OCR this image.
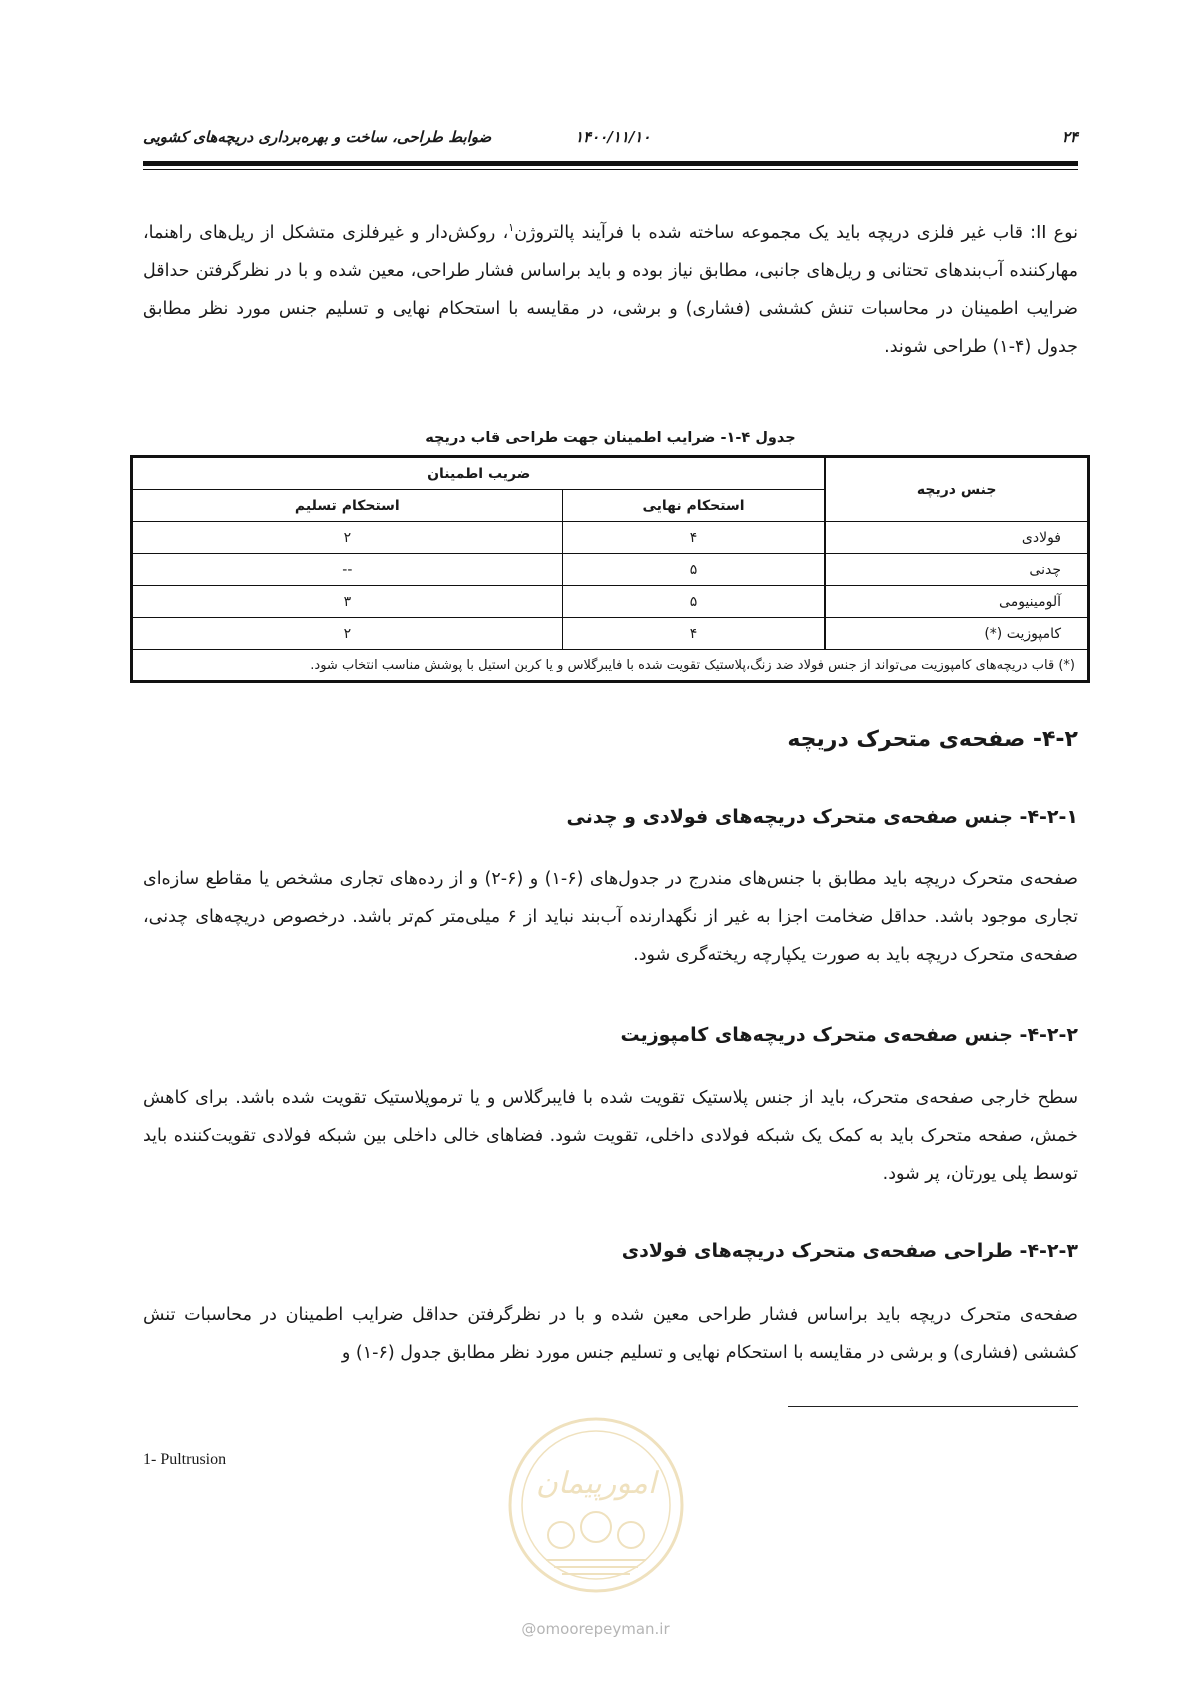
ضوابط طراحی، ساخت و بهره‌برداری دریچه‌های کشویی	۱۴۰۰/۱۱/۱۰	۲۴

نوع II: قاب غیر فلزی دریچه باید یک مجموعه ساخته شده با فرآیند پالتروژن$^۱$، روکش‌دار و غیرفلزی متشکل از ریل‌های راهنما، مهارکننده آب‌بندهای تحتانی و ریل‌های جانبی، مطابق نیاز بوده و باید براساس فشار طراحی، معین شده و با در نظرگرفتن حداقل ضرایب اطمینان در محاسبات تنش کششی (فشاری) و برشی، در مقایسه با استحکام نهایی و تسلیم جنس مورد نظر مطابق جدول (۴-۱) طراحی شوند.

جدول ۴-۱- ضرایب اطمینان جهت طراحی قاب دریچه
جنس دریچه	ضریب اطمینان	
	استحکام نهایی	استحکام تسلیم
فولادی	۴	۲
چدنی	۵	--
آلومینیومی	۵	۳
کامپوزیت (*)	۴	۲
(*) قاب دریچه‌های کامپوزیت می‌تواند از جنس فولاد ضد زنگ،پلاستیک تقویت شده با فایبرگلاس و یا کربن استیل با پوشش مناسب انتخاب شود.		
۴-۲- صفحه‌ی متحرک دریچه
۴-۲-۱- جنس صفحه‌ی متحرک دریچه‌های فولادی و چدنی

صفحه‌ی متحرک دریچه باید مطابق با جنس‌های مندرج در جدول‌های (۶-۱) و (۶-۲) و از رده‌های تجاری مشخص یا مقاطع سازه‌ای تجاری موجود باشد. حداقل ضخامت اجزا به غیر از نگهدارنده آب‌بند نباید از ۶ میلی‌متر کم‌تر باشد. درخصوص دریچه‌های چدنی، صفحه‌ی متحرک دریچه باید به صورت یکپارچه ریخته‌گری شود.

۴-۲-۲- جنس صفحه‌ی متحرک دریچه‌های کامپوزیت

سطح خارجی صفحه‌ی متحرک، باید از جنس پلاستیک تقویت شده با فایبرگلاس و یا ترموپلاستیک تقویت شده باشد. برای کاهش خمش، صفحه متحرک باید به کمک یک شبکه فولادی داخلی، تقویت شود. فضاهای خالی داخلی بین شبکه فولادی تقویت‌کننده باید توسط پلی یورتان، پر شود.

۴-۲-۳- طراحی صفحه‌ی متحرک دریچه‌های فولادی

صفحه‌ی متحرک دریچه باید براساس فشار طراحی معین شده و با در نظرگرفتن حداقل ضرایب اطمینان در محاسبات تنش کششی (فشاری) و برشی در مقایسه با استحکام نهایی و تسلیم جنس مورد نظر مطابق جدول (۶-۱) و

1- Pultrusion
امورپیمان
@omoorepeyman.ir
